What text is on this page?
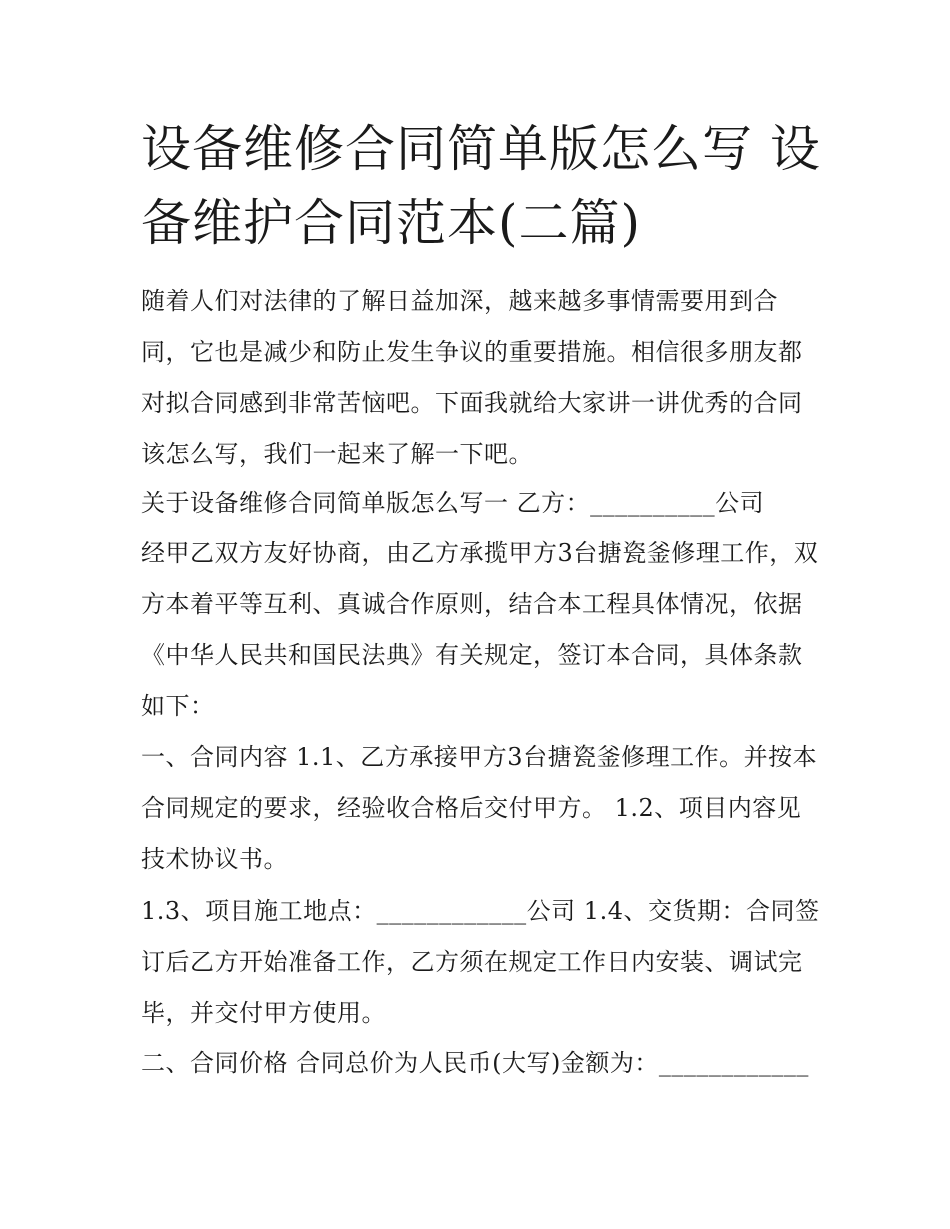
设备维修合同简单版怎么写 设备维护合同范本(二篇)

随着人们对法律的了解日益加深，越来越多事情需要用到合同，它也是减少和防止发生争议的重要措施。相信很多朋友都对拟合同感到非常苦恼吧。下面我就给大家讲一讲优秀的合同该怎么写，我们一起来了解一下吧。

关于设备维修合同简单版怎么写一 乙方：__________公司

经甲乙双方友好协商，由乙方承揽甲方3台搪瓷釜修理工作，双方本着平等互利、真诚合作原则，结合本工程具体情况，依据《中华人民共和国民法典》有关规定，签订本合同，具体条款如下：

一、合同内容 1.1、乙方承接甲方3台搪瓷釜修理工作。并按本合同规定的要求，经验收合格后交付甲方。 1.2、项目内容见技术协议书。

1.3、项目施工地点：____________公司 1.4、交货期：合同签订后乙方开始准备工作，乙方须在规定工作日内安装、调试完毕，并交付甲方使用。

二、合同价格 合同总价为人民币(大写)金额为：____________
